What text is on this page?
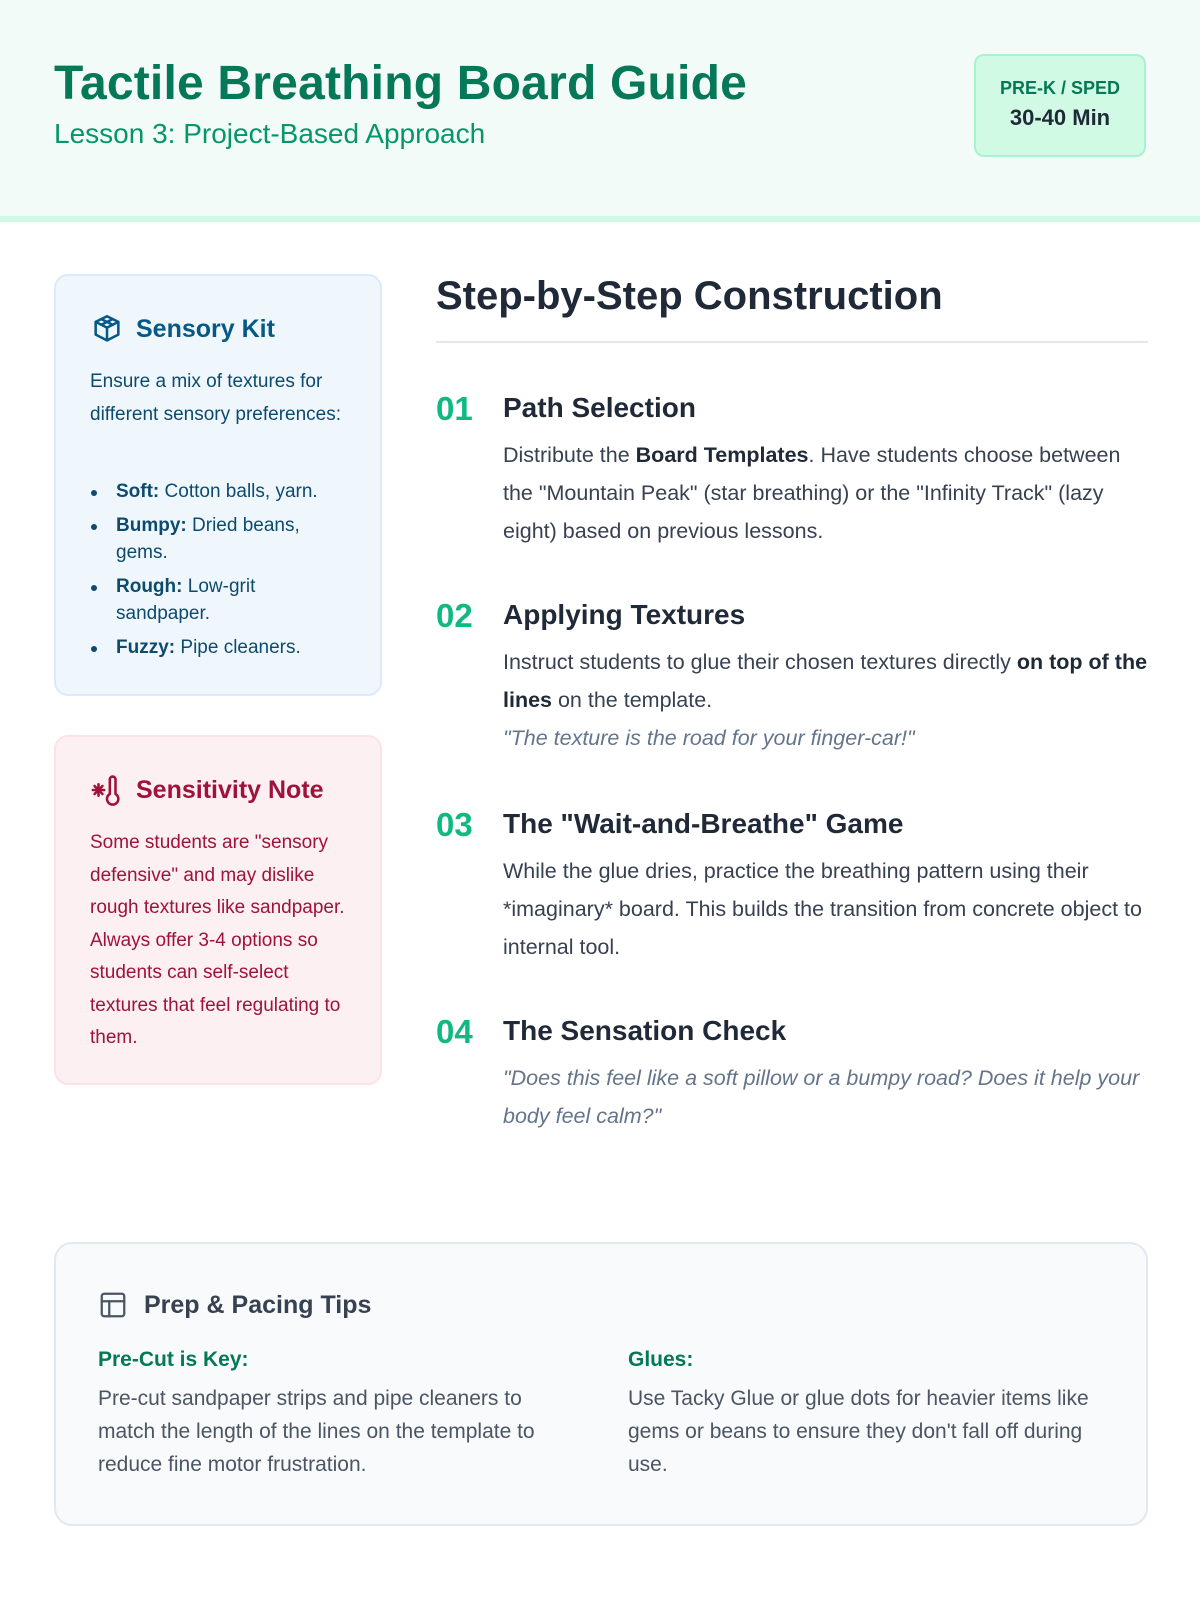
Tactile Breathing Board Guide
Lesson 3: Project-Based Approach
PRE-K / SPED
30-40 Min
Sensory Kit
Ensure a mix of textures for different sensory preferences:
Soft: Cotton balls, yarn.
Bumpy: Dried beans, gems.
Rough: Low-grit sandpaper.
Fuzzy: Pipe cleaners.
Sensitivity Note
Some students are "sensory defensive" and may dislike rough textures like sandpaper. Always offer 3-4 options so students can self-select textures that feel regulating to them.
Step-by-Step Construction
01 Path Selection
Distribute the Board Templates. Have students choose between the "Mountain Peak" (star breathing) or the "Infinity Track" (lazy eight) based on previous lessons.
02 Applying Textures
Instruct students to glue their chosen textures directly on top of the lines on the template.
"The texture is the road for your finger-car!"
03 The "Wait-and-Breathe" Game
While the glue dries, practice the breathing pattern using their *imaginary* board. This builds the transition from concrete object to internal tool.
04 The Sensation Check
"Does this feel like a soft pillow or a bumpy road? Does it help your body feel calm?"
Prep & Pacing Tips
Pre-Cut is Key:
Pre-cut sandpaper strips and pipe cleaners to match the length of the lines on the template to reduce fine motor frustration.
Glues:
Use Tacky Glue or glue dots for heavier items like gems or beans to ensure they don't fall off during use.
